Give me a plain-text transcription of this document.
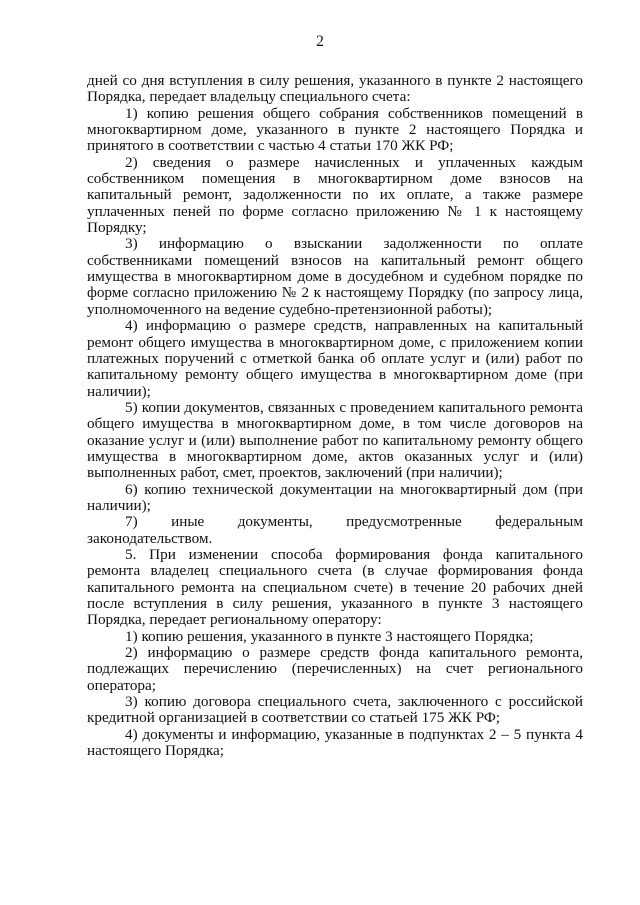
2

дней со дня вступления в силу решения, указанного в пункте 2 настоящего Порядка, передает владельцу специального счета:

1) копию решения общего собрания собственников помещений в многоквартирном доме, указанного в пункте 2 настоящего Порядка и принятого в соответствии с частью 4 статьи 170 ЖК РФ;

2) сведения о размере начисленных и уплаченных каждым собственником помещения в многоквартирном доме взносов на капитальный ремонт, задолженности по их оплате, а также размере уплаченных пеней по форме согласно приложению № 1 к настоящему Порядку;

3) информацию о взыскании задолженности по оплате собственниками помещений взносов на капитальный ремонт общего имущества в многоквартирном доме в досудебном и судебном порядке по форме согласно приложению № 2 к настоящему Порядку (по запросу лица, уполномоченного на ведение судебно-претензионной работы);

4) информацию о размере средств, направленных на капитальный ремонт общего имущества в многоквартирном доме, с приложением копии платежных поручений с отметкой банка об оплате услуг и (или) работ по капитальному ремонту общего имущества в многоквартирном доме (при наличии);

5) копии документов, связанных с проведением капитального ремонта общего имущества в многоквартирном доме, в том числе договоров на оказание услуг и (или) выполнение работ по капитальному ремонту общего имущества в многоквартирном доме, актов оказанных услуг и (или) выполненных работ, смет, проектов, заключений (при наличии);

6) копию технической документации на многоквартирный дом (при наличии);

7) иные документы, предусмотренные федеральным законодательством.

5. При изменении способа формирования фонда капитального ремонта владелец специального счета (в случае формирования фонда капитального ремонта на специальном счете) в течение 20 рабочих дней после вступления в силу решения, указанного в пункте 3 настоящего Порядка, передает региональному оператору:

1) копию решения, указанного в пункте 3 настоящего Порядка;

2) информацию о размере средств фонда капитального ремонта, подлежащих перечислению (перечисленных) на счет регионального оператора;

3) копию договора специального счета, заключенного с российской кредитной организацией в соответствии со статьей 175 ЖК РФ;

4) документы и информацию, указанные в подпунктах 2 – 5 пункта 4 настоящего Порядка;
